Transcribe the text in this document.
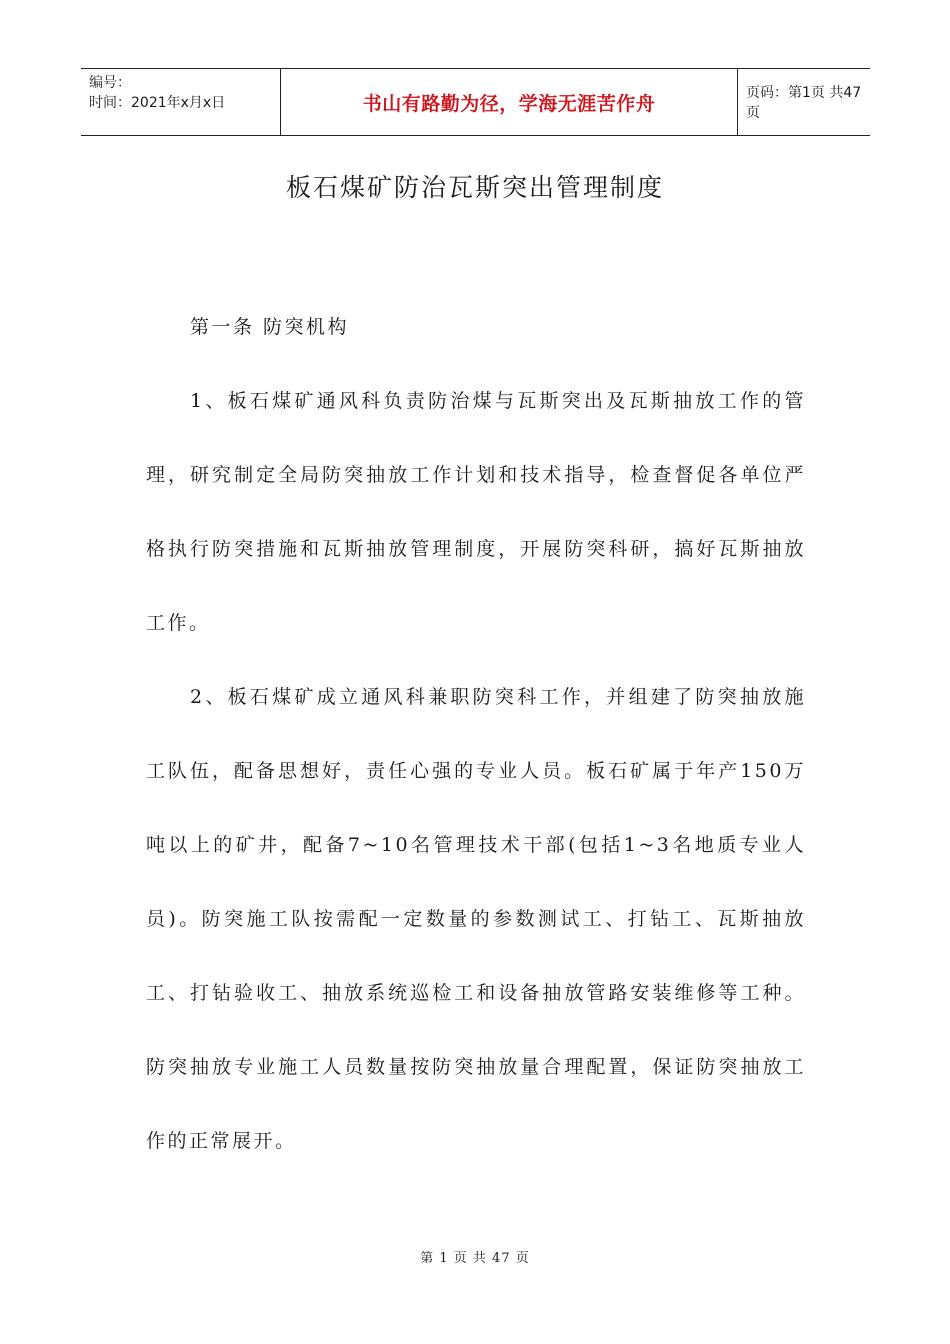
编号：
时间：2021年x月x日	书山有路勤为径，学海无涯苦作舟	页码：第1页 共47页
板石煤矿防治瓦斯突出管理制度

第一条 防突机构

1、板石煤矿通风科负责防治煤与瓦斯突出及瓦斯抽放工作的管理，研究制定全局防突抽放工作计划和技术指导，检查督促各单位严格执行防突措施和瓦斯抽放管理制度，开展防突科研，搞好瓦斯抽放工作。

2、板石煤矿成立通风科兼职防突科工作，并组建了防突抽放施工队伍，配备思想好，责任心强的专业人员。板石矿属于年产150万吨以上的矿井，配备7~10名管理技术干部(包括1~3名地质专业人员)。防突施工队按需配一定数量的参数测试工、打钻工、瓦斯抽放工、打钻验收工、抽放系统巡检工和设备抽放管路安装维修等工种。防突抽放专业施工人员数量按防突抽放量合理配置，保证防突抽放工作的正常展开。

第 1 页 共 47 页
